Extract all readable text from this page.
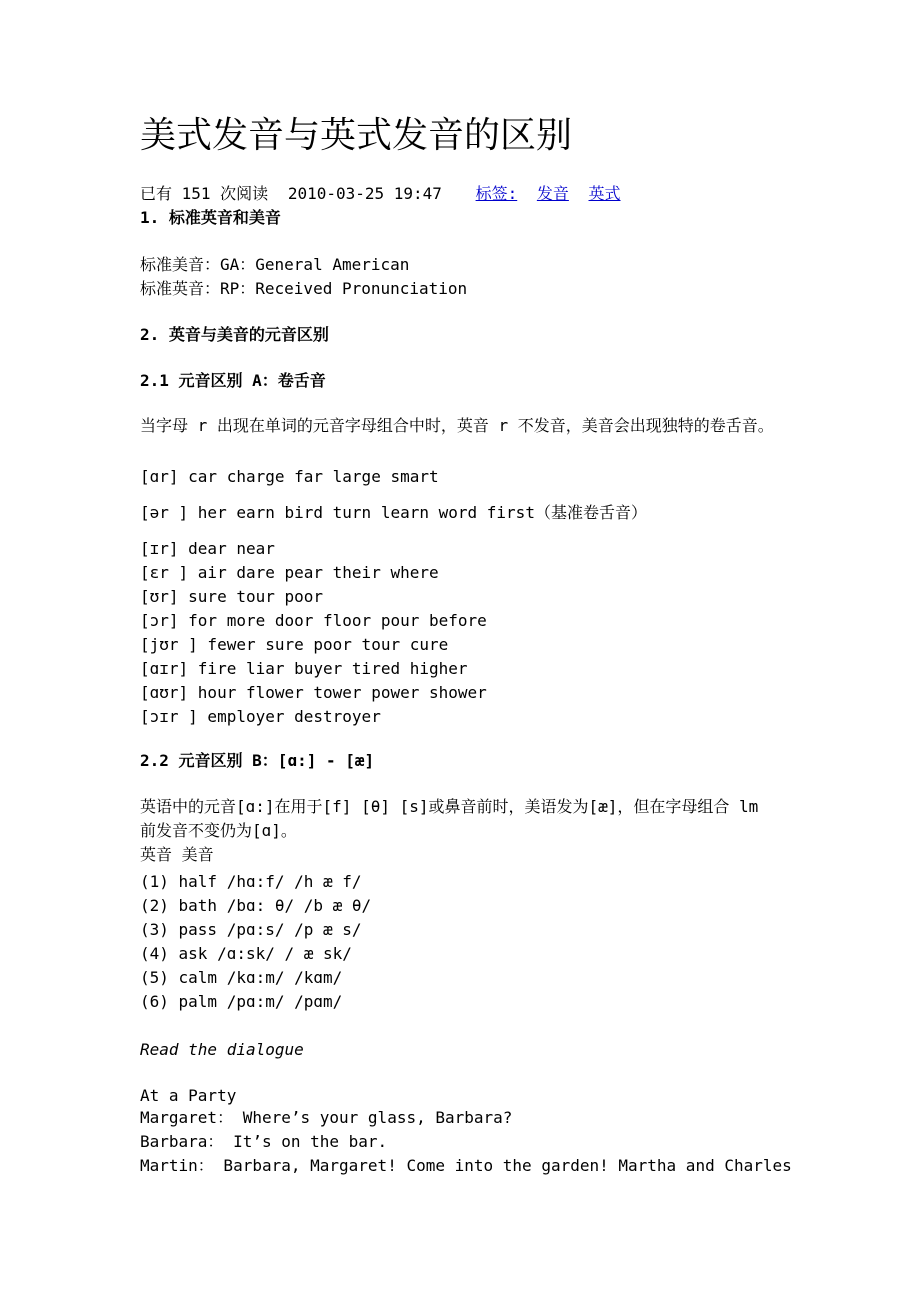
美式发音与英式发音的区别
已有 151 次阅读 2010-03-25 19:47 标签: 发音 英式
1. 标准英音和美音
标准美音：GA：General American
标准英音：RP：Received Pronunciation
2. 英音与美音的元音区别
2.1 元音区别 A：卷舌音
当字母 r 出现在单词的元音字母组合中时，英音 r 不发音，美音会出现独特的卷舌音。
[ɑr] car charge far large smart
[ər ] her earn bird turn learn word first（基准卷舌音）
[ɪr] dear near
[ɛr ] air dare pear their where
[ʊr] sure tour poor
[ɔr] for more door floor pour before
[jʊr ] fewer sure poor tour cure
[ɑɪr] fire liar buyer tired higher
[ɑʊr] hour flower tower power shower
[ɔɪr ] employer destroyer
2.2 元音区别 B：[ɑ:] - [æ]
英语中的元音[ɑ:]在用于[f] [θ] [s]或鼻音前时，美语发为[æ]，但在字母组合 lm 前发音不变仍为[ɑ]。
英音 美音
(1) half /hɑ:f/ /h æ f/
(2) bath /bɑ: θ/ /b æ θ/
(3) pass /pɑ:s/ /p æ s/
(4) ask /ɑ:sk/ / æ sk/
(5) calm /kɑ:m/ /kɑm/
(6) palm /pɑ:m/ /pɑm/
Read the dialogue
At a Party
Margaret： Where’s your glass, Barbara?
Barbara： It’s on the bar.
Martin： Barbara, Margaret! Come into the garden! Martha and Charles
